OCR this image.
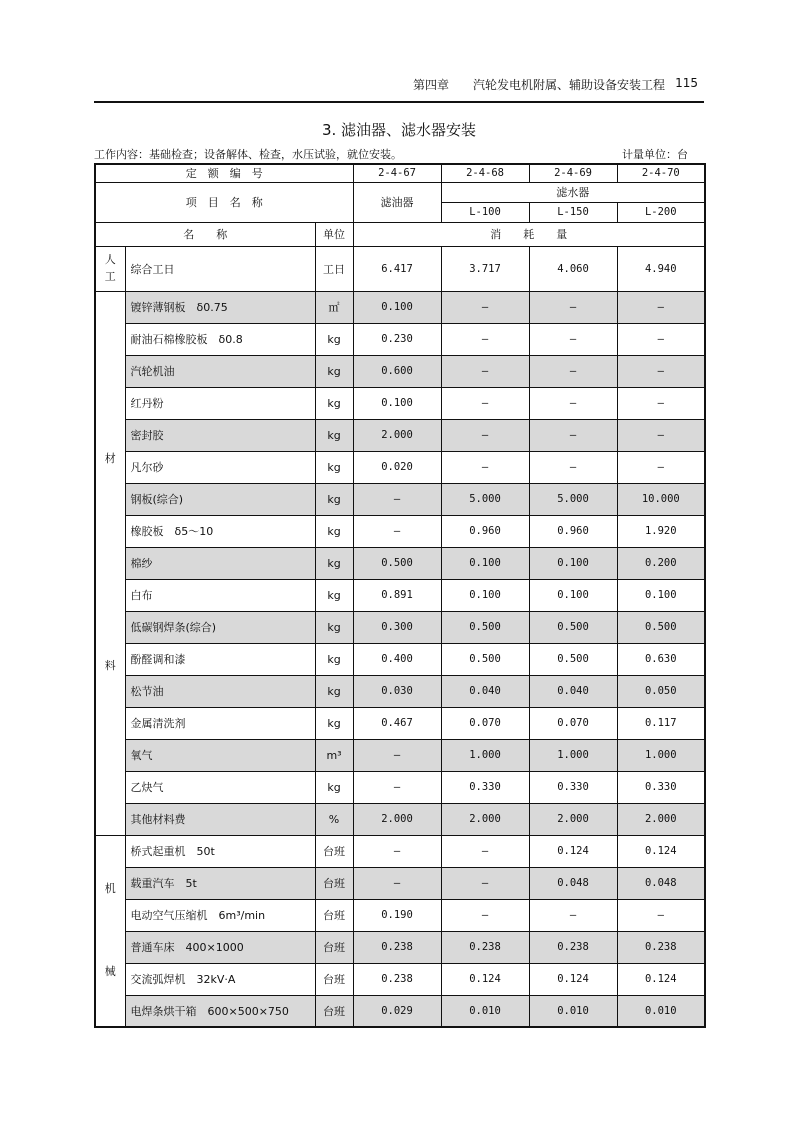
第四章　　汽轮发电机附属、辅助设备安装工程 115
3. 滤油器、滤水器安装
工作内容：基础检查；设备解体、检查，水压试验，就位安装。	计量单位：台
定　额　编　号			2-4-67	2-4-68	2-4-69	2-4-70
项　目　名　称			滤油器	滤水器		
				L-100	L-150	L-200
名　　称		单位	消　　耗　　量			

人
工	综合工日	工日	6.417	3.717	4.060	4.940

材
料	镀锌薄钢板　δ0.75	㎡	0.100	—	—	—
	耐油石棉橡胶板　δ0.8	kg	0.230	—	—	—
	汽轮机油	kg	0.600	—	—	—
	红丹粉	kg	0.100	—	—	—
	密封胶	kg	2.000	—	—	—
	凡尔砂	kg	0.020	—	—	—
	钢板(综合)	kg	—	5.000	5.000	10.000
	橡胶板　δ5～10	kg	—	0.960	0.960	1.920
	棉纱	kg	0.500	0.100	0.100	0.200
	白布	kg	0.891	0.100	0.100	0.100
	低碳钢焊条(综合)	kg	0.300	0.500	0.500	0.500
	酚醛调和漆	kg	0.400	0.500	0.500	0.630
	松节油	kg	0.030	0.040	0.040	0.050
	金属清洗剂	kg	0.467	0.070	0.070	0.117
	氧气	m³	—	1.000	1.000	1.000
	乙炔气	kg	—	0.330	0.330	0.330
	其他材料费	%	2.000	2.000	2.000	2.000

机
械	桥式起重机　50t	台班	—	—	0.124	0.124
	载重汽车　5t	台班	—	—	0.048	0.048
	电动空气压缩机　6m³/min	台班	0.190	—	—	—
	普通车床　400×1000	台班	0.238	0.238	0.238	0.238
	交流弧焊机　32kV·A	台班	0.238	0.124	0.124	0.124
	电焊条烘干箱　600×500×750	台班	0.029	0.010	0.010	0.010
